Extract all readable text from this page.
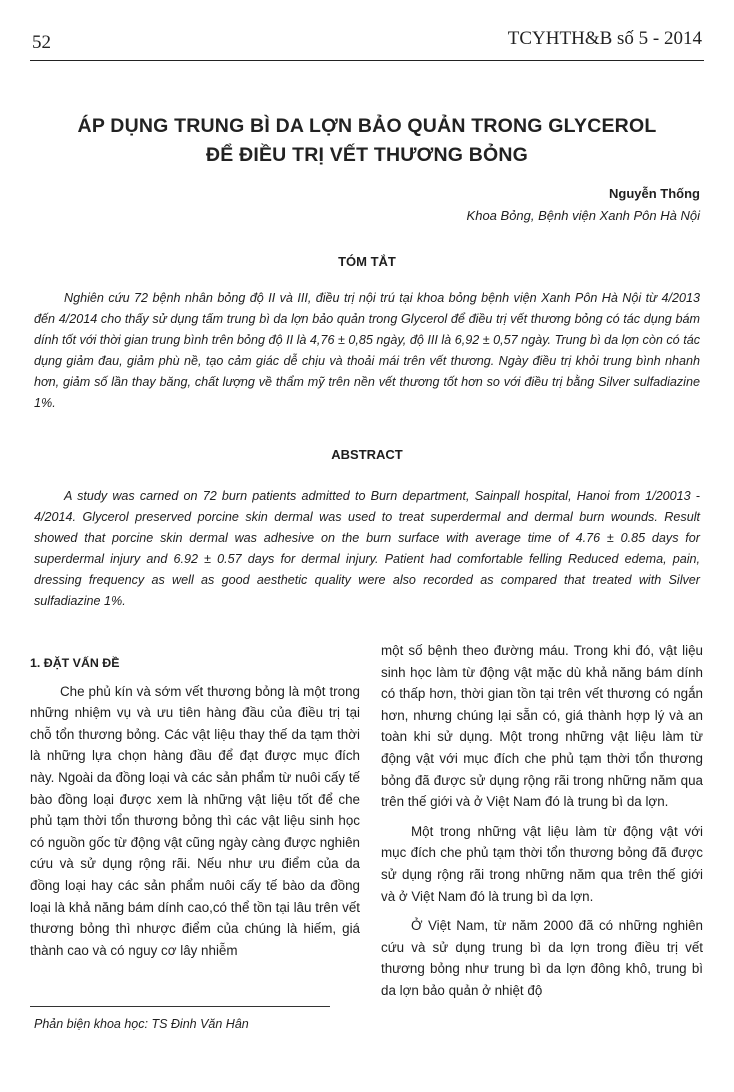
52	TCYHTH&B số 5 - 2014
ÁP DỤNG TRUNG BÌ DA LỢN BẢO QUẢN TRONG GLYCEROL
ĐỂ ĐIỀU TRỊ VẾT THƯƠNG BỎNG
Nguyễn Thống
Khoa Bỏng, Bệnh viện Xanh Pôn Hà Nội
TÓM TẮT

Nghiên cứu 72 bệnh nhân bỏng độ II và III, điều trị nội trú tại khoa bỏng bệnh viện Xanh Pôn Hà Nội từ 4/2013 đến 4/2014 cho thấy sử dụng tấm trung bì da lợn bảo quản trong Glycerol để điều trị vết thương bỏng có tác dụng bám dính tốt với thời gian trung bình trên bỏng độ II là 4,76 ± 0,85 ngày, độ III là 6,92 ± 0,57 ngày. Trung bì da lợn còn có tác dụng giảm đau, giảm phù nề, tạo cảm giác dễ chịu và thoải mái trên vết thương. Ngày điều trị khỏi trung bình nhanh hơn, giảm số lần thay băng, chất lượng về thẩm mỹ trên nền vết thương tốt hơn so với điều trị bằng Silver sulfadiazine 1%.

ABSTRACT

A study was carned on 72 burn patients admitted to Burn department, Sainpall hospital, Hanoi from 1/20013 - 4/2014. Glycerol preserved porcine skin dermal was used to treat superdermal and dermal burn wounds. Result showed that porcine skin dermal was adhesive on the burn surface with average time of 4.76 ± 0.85 days for superdermal injury and 6.92 ± 0.57 days for dermal injury. Patient had comfortable felling Reduced edema, pain, dressing frequency as well as good aesthetic quality were also recorded as compared that treated with Silver sulfadiazine 1%.

1. ĐẶT VẤN ĐỀ

Che phủ kín và sớm vết thương bỏng là một trong những nhiệm vụ và ưu tiên hàng đầu của điều trị tại chỗ tổn thương bỏng. Các vật liệu thay thế da tạm thời là những lựa chọn hàng đầu để đạt được mục đích này. Ngoài da đồng loại và các sản phẩm từ nuôi cấy tế bào đồng loại được xem là những vật liệu tốt để che phủ tạm thời tổn thương bỏng thì các vật liệu sinh học có nguồn gốc từ động vật cũng ngày càng được nghiên cứu và sử dụng rộng rãi. Nếu như ưu điểm của da đồng loại hay các sản phẩm nuôi cấy tế bào da đồng loại là khả năng bám dính cao,có thể tồn tại lâu trên vết thương bỏng thì nhược điểm của chúng là hiếm, giá thành cao và có nguy cơ lây nhiễm

một số bệnh theo đường máu. Trong khi đó, vật liệu sinh học làm từ động vật mặc dù khả năng bám dính có thấp hơn, thời gian tồn tại trên vết thương có ngắn hơn, nhưng chúng lại sẵn có, giá thành hợp lý và an toàn khi sử dụng. Một trong những vật liệu làm từ động vật với mục đích che phủ tạm thời tổn thương bỏng đã được sử dụng rộng rãi trong những năm qua trên thế giới và ở Việt Nam đó là trung bì da lợn.

Một trong những vật liệu làm từ động vật với mục đích che phủ tạm thời tổn thương bỏng đã được sử dụng rộng rãi trong những năm qua trên thế giới và ở Việt Nam đó là trung bì da lợn.

Ở Việt Nam, từ năm 2000 đã có những nghiên cứu và sử dụng trung bì da lợn trong điều trị vết thương bỏng như trung bì da lợn đông khô, trung bì da lợn bảo quản ở nhiệt độ

Phản biện khoa học: TS Đinh Văn Hân
